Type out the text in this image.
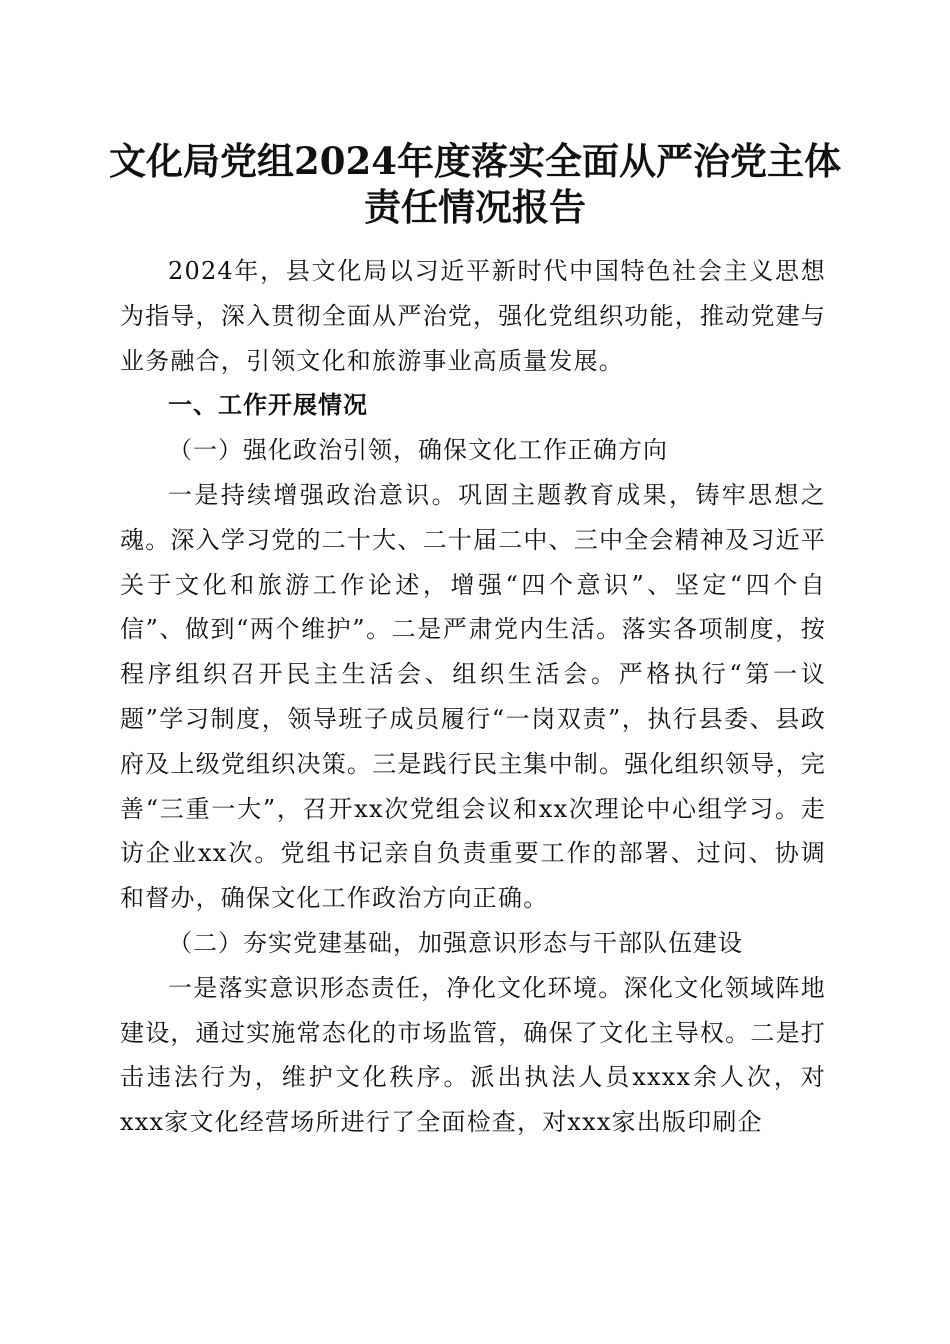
文化局党组2024年度落实全面从严治党主体
责任情况报告

2024年，县文化局以习近平新时代中国特色社会主义思想为指导，深入贯彻全面从严治党，强化党组织功能，推动党建与业务融合，引领文化和旅游事业高质量发展。

一、工作开展情况

（一）强化政治引领，确保文化工作正确方向

一是持续增强政治意识。巩固主题教育成果，铸牢思想之魂。深入学习党的二十大、二十届二中、三中全会精神及习近平关于文化和旅游工作论述，增强“四个意识”、坚定“四个自信”、做到“两个维护”。二是严肃党内生活。落实各项制度，按程序组织召开民主生活会、组织生活会。严格执行“第一议题”学习制度，领导班子成员履行“一岗双责”，执行县委、县政府及上级党组织决策。三是践行民主集中制。强化组织领导，完善“三重一大”，召开xx次党组会议和xx次理论中心组学习。走访企业xx次。党组书记亲自负责重要工作的部署、过问、协调和督办，确保文化工作政治方向正确。

（二）夯实党建基础，加强意识形态与干部队伍建设

一是落实意识形态责任，净化文化环境。深化文化领域阵地建设，通过实施常态化的市场监管，确保了文化主导权。二是打击违法行为，维护文化秩序。派出执法人员xxxx余人次，对xxx家文化经营场所进行了全面检查，对xxx家出版印刷企
